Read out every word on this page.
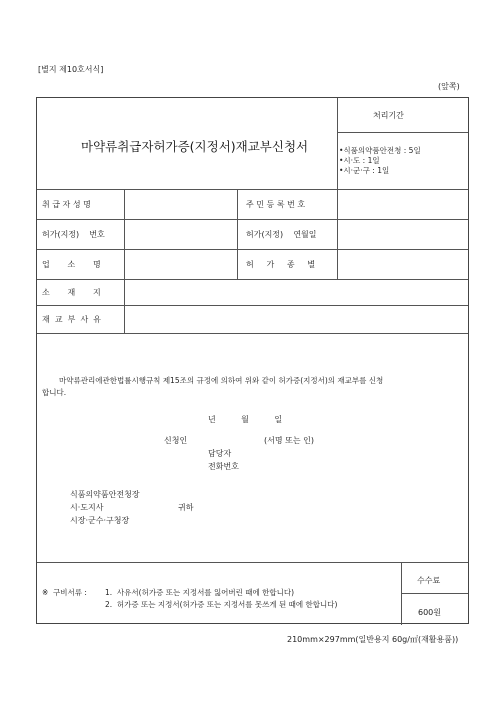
[별지 제10호서식]
(앞쪽)
마약류취급자허가증(지정서)재교부신청서
처리기간
•식품의약품안전청 : 5일
•시·도 : 1일
•시·군·구 : 1일
취 급 자 성 명	주 민 등 록 번 호
허가(지정)    번호	허가(지정)    연월일
업       소       명	허     가     종     별
소       재       지
재  교  부  사  유
마약류관리에관한법률시행규칙 제15조의 규정에 의하여 위와 같이 허가증(지정서)의 재교부를 신청
합니다.
년          월          일
신청인	(서명 또는 인)
담당자
전화번호
식품의약품안전청장
시·도지사	귀하
시장·군수·구청장
※  구비서류 : 1.  사유서(허가증 또는 지정서를 잃어버린 때에 한합니다)
2.  허가증 또는 지정서(허가증 또는 지정서를 못쓰게 된 때에 한합니다)
수수료
600원
210mm×297mm(일반용지 60g/㎡(재활용품))
